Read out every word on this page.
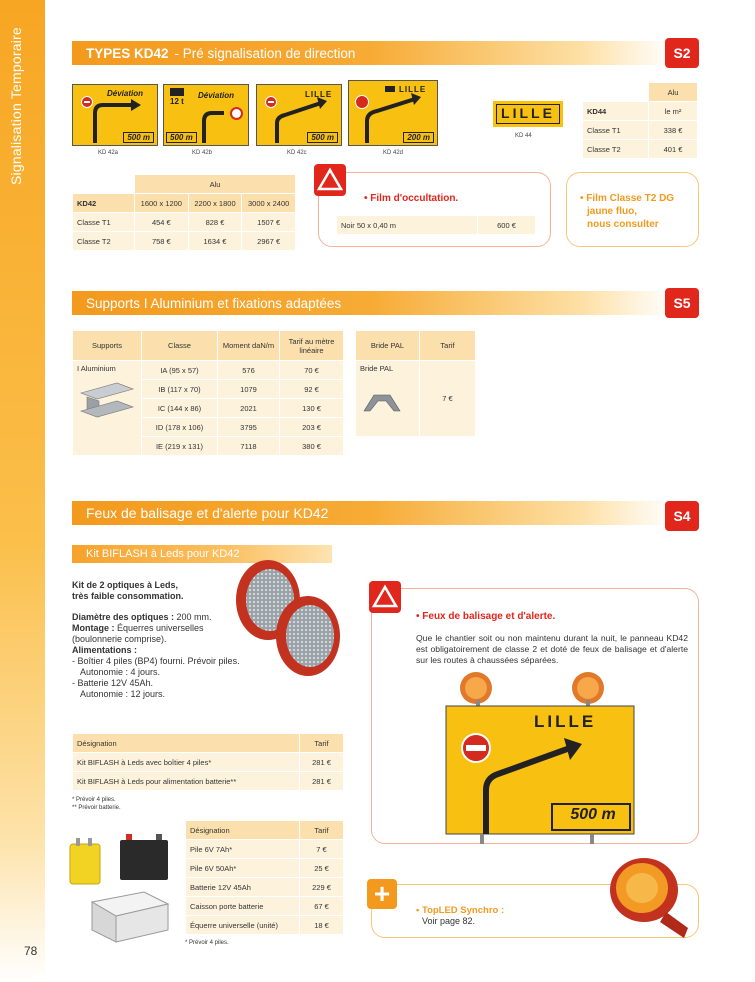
Signalisation Temporaire
78
TYPES KD42 - Pré signalisation de direction	S2
Déviation
500 m
KD 42a
12 t
Déviation
500 m
KD 42b
LILLE
500 m
KD 42c
LILLE
200 m
KD 42d
LILLE
KD 44
	Alu
KD44	le m²
Classe T1	338 €
Classe T2	401 €
	Alu		
KD42	1600 x 1200	2200 x 1800	3000 x 2400
Classe T1	454 €	828 €	1507 €
Classe T2	758 €	1634 €	2967 €
• Film d'occultation.
Noir 50 x 0,40 m	600 €
• Film Classe T2 DG
jaune fluo,
nous consulter
Supports I Aluminium et fixations adaptées	S5
Supports	Classe	Moment daN/m	Tarif au mètre linéaire
I Aluminium	IA (95 x 57)	576	70 €
	IB (117 x 70)	1079	92 €
	IC (144 x 86)	2021	130 €
	ID (178 x 106)	3795	203 €
	IE (219 x 131)	7118	380 €
Bride PAL	Tarif
Bride PAL	7 €
Feux de balisage et d'alerte pour KD42	S4
Kit BIFLASH à Leds pour KD42
Kit de 2 optiques à Leds,
très faible consommation.
Diamètre des optiques : 200 mm.
Montage : Équerres universelles
(boulonnerie comprise).
Alimentations :
- Boîtier 4 piles (BP4) fourni. Prévoir piles.
Autonomie : 4 jours.
- Batterie 12V 45Ah.
Autonomie : 12 jours.
Désignation	Tarif
Kit BIFLASH à Leds avec boîtier 4 piles*	281 €
Kit BIFLASH à Leds pour alimentation batterie**	281 €
* Prévoir 4 piles.
** Prévoir batterie.
Désignation	Tarif
Pile 6V 7Ah*	7 €
Pile 6V 50Ah*	25 €
Batterie 12V 45Ah	229 €
Caisson porte batterie	67 €
Équerre universelle (unité)	18 €
* Prévoir 4 piles.
• Feux de balisage et d'alerte.
Que le chantier soit ou non maintenu durant la nuit, le panneau KD42 est obligatoirement de classe 2 et doté de feux de balisage et d'alerte sur les routes à chaussées séparées.
LILLE
500 m
+
• TopLED Synchro :
Voir page 82.
